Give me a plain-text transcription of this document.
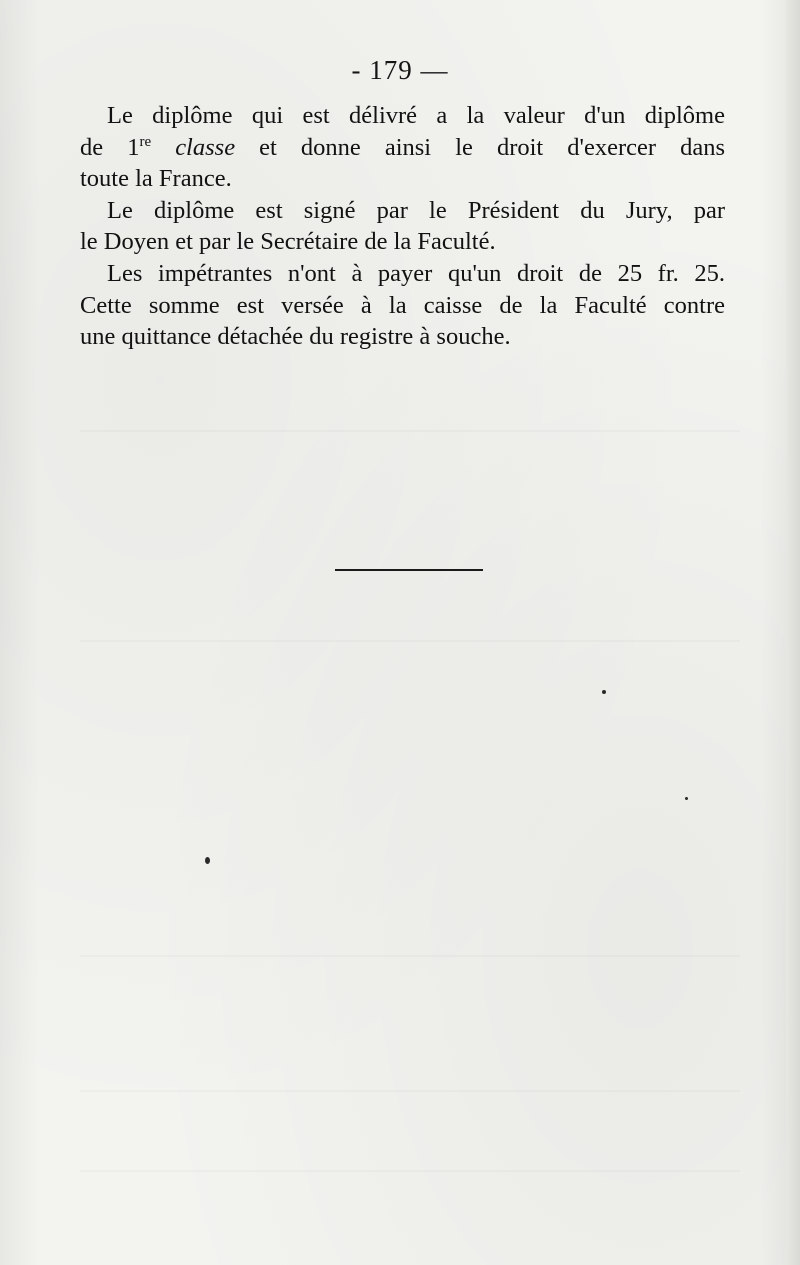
- 179 —
Le diplôme qui est délivré a la valeur d'un diplôme
de 1re classe et donne ainsi le droit d'exercer dans
toute la France.
Le diplôme est signé par le Président du Jury, par
le Doyen et par le Secrétaire de la Faculté.
Les impétrantes n'ont à payer qu'un droit de 25 fr. 25.
Cette somme est versée à la caisse de la Faculté contre
une quittance détachée du registre à souche.
